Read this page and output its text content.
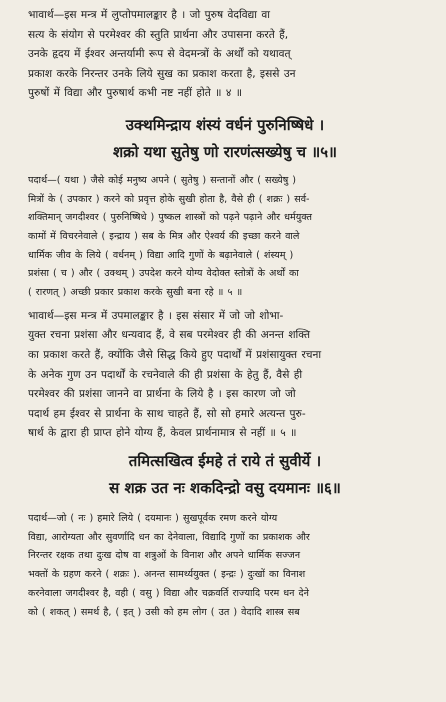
भावार्थ—इस मन्त्र में लुप्तोपमालङ्कार है । जो पुरुष वेदविद्या वा
सत्य के संयोग से परमेश्वर की स्तुति प्रार्थना और उपासना करते हैं,
उनके हृदय में ईश्वर अन्तर्यामी रूप से वेदमन्त्रों के अर्थों को यथावत्
प्रकाश करके निरन्तर उनके लिये सुख का प्रकाश करता है, इससे उन
पुरुषों में विद्या और पुरुषार्थ कभी नष्ट नहीं होते ॥ ४ ॥
उक्थमिन्द्राय शंस्यं वर्धनं पुरुनिष्षिधे ।
शक्रो यथा सुतेषु णो रारणंत्सख्येषु च ॥५॥
पदार्थ—( यथा ) जैसे कोई मनुष्य अपने ( सुतेषु ) सन्तानों और ( सख्येषु )
मित्रों के ( उपकार ) करने को प्रवृत्त होके सुखी होता है, वैसे ही ( शक्रः ) सर्व-
शक्तिमान् जगदीश्वर ( पुरुनिष्षिधे ) पुष्कल शास्त्रों को पढ़ने पढ़ाने और धर्मयुक्त
कामों में विचरनेवाले ( इन्द्राय ) सब के मित्र और ऐश्वर्य की इच्छा करने वाले
धार्मिक जीव के लिये ( वर्धनम् ) विद्या आदि गुणों के बढ़ानेवाले ( शंस्यम् )
प्रशंसा ( च ) और ( उक्थम् ) उपदेश करने योग्य वेदोक्त स्तोत्रों के अर्थों का
( रारणत् ) अच्छी प्रकार प्रकाश करके सुखी बना रहे ॥ ५ ॥
भावार्थ—इस मन्त्र में उपमालङ्कार है । इस संसार में जो जो शोभा-
युक्त रचना प्रशंसा और धन्यवाद हैं, वे सब परमेश्वर ही की अनन्त शक्ति
का प्रकाश करते हैं, क्योंकि जैसे सिद्ध किये हुए पदार्थों में प्रशंसायुक्त रचना
के अनेक गुण उन पदार्थों के रचनेवाले की ही प्रशंसा के हेतु हैं, वैसे ही
परमेश्वर की प्रशंसा जानने वा प्रार्थना के लिये है । इस कारण जो जो
पदार्थ हम ईश्वर से प्रार्थना के साथ चाहते हैं, सो सो हमारे अत्यन्त पुरु-
षार्थ के द्वारा ही प्राप्त होने योग्य हैं, केवल प्रार्थनामात्र से नहीं ॥ ५ ॥
तमित्सखित्व ईमहे तं राये तं सुवीर्ये ।
स शक्र उत नः शकदिन्द्रो वसु दयमानः ॥६॥
पदार्थ—जो ( नः ) हमारे लिये ( दयमानः ) सुखपूर्वक रमण करने योग्य
विद्या, आरोग्यता और सुवर्णादि धन का देनेवाला, विद्यादि गुणों का प्रकाशक और
निरन्तर रक्षक तथा दुःख दोष वा शत्रुओं के विनाश और अपने धार्मिक सज्जन
भक्तों के ग्रहण करने ( शक्रः ). अनन्त सामर्थ्ययुक्त ( इन्द्रः ) दुःखों का विनाश
करनेवाला जगदीश्वर है, वही ( वसु ) विद्या और चक्रवर्ति राज्यादि परम धन देने
को ( शकत् ) समर्थ है, ( इत् ) उसी को हम लोग ( उत ) वेदादि शास्त्र सब
